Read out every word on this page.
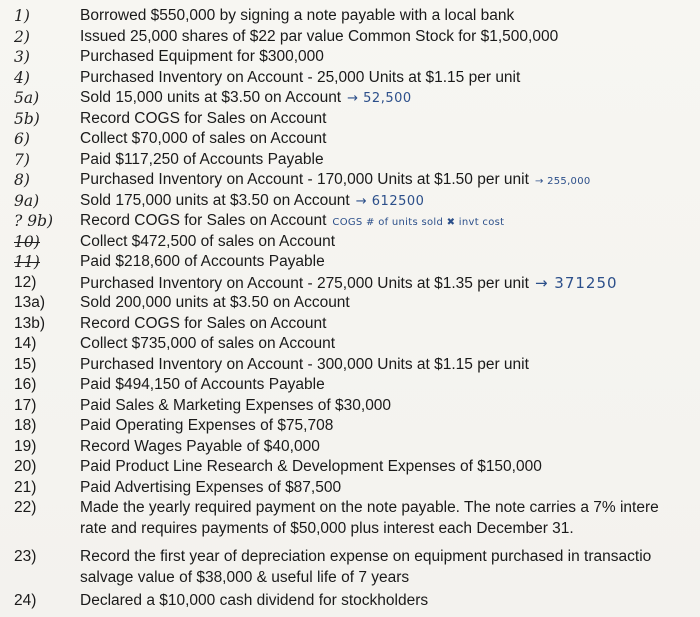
1)	Borrowed $550,000 by signing a note payable with a local bank
2)	Issued 25,000 shares of $22 par value Common Stock for $1,500,000
3)	Purchased Equipment for $300,000
4)	Purchased Inventory on Account - 25,000 Units at $1.15 per unit
5a)	Sold 15,000 units at $3.50 on Account → 52,500
5b)	Record COGS for Sales on Account
6)	Collect $70,000 of sales on Account
7)	Paid $117,250 of Accounts Payable
8)	Purchased Inventory on Account - 170,000 Units at $1.50 per unit → 255,000
9a)	Sold 175,000 units at $3.50 on Account → 612500
? 9b)	Record COGS for Sales on Account COGS # of units sold ✖ invt cost
10)	Collect $472,500 of sales on Account
11)	Paid $218,600 of Accounts Payable
12)	Purchased Inventory on Account - 275,000 Units at $1.35 per unit → 371250
13a)	Sold 200,000 units at $3.50 on Account
13b)	Record COGS for Sales on Account
14)	Collect $735,000 of sales on Account
15)	Purchased Inventory on Account - 300,000 Units at $1.15 per unit
16)	Paid $494,150 of Accounts Payable
17)	Paid Sales & Marketing Expenses of $30,000
18)	Paid Operating Expenses of $75,708
19)	Record Wages Payable of $40,000
20)	Paid Product Line Research & Development Expenses of $150,000
21)	Paid Advertising Expenses of $87,500
22)	Made the yearly required payment on the note payable. The note carries a 7% intere
rate and requires payments of $50,000 plus interest each December 31.
23)	Record the first year of depreciation expense on equipment purchased in transactio
salvage value of $38,000 & useful life of 7 years
24)	Declared a $10,000 cash dividend for stockholders
